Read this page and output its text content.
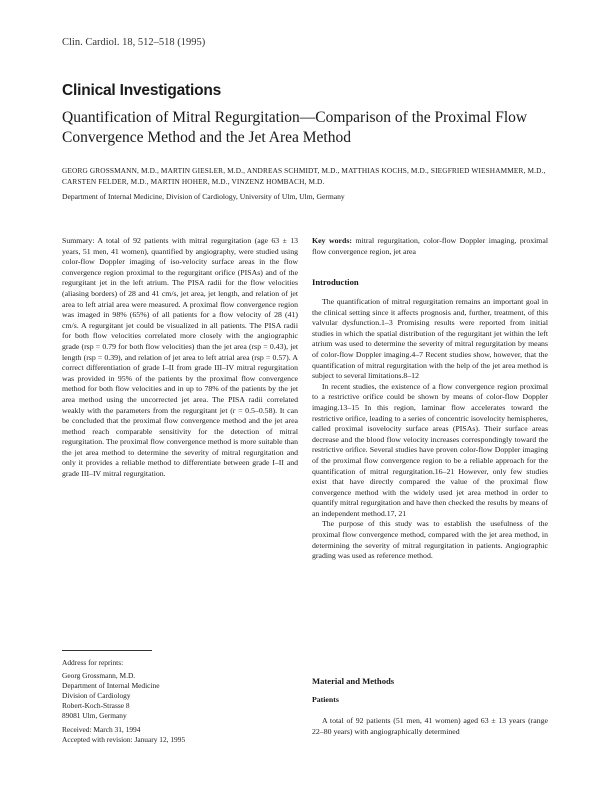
Clin. Cardiol. 18, 512–518 (1995)
Clinical Investigations
Quantification of Mitral Regurgitation—Comparison of the Proximal Flow Convergence Method and the Jet Area Method
GEORG GROSSMANN, M.D., MARTIN GIESLER, M.D., ANDREAS SCHMIDT, M.D., MATTHIAS KOCHS, M.D., SIEGFRIED WIESHAMMER, M.D., CARSTEN FELDER, M.D., MARTIN HOHER, M.D., VINZENZ HOMBACH, M.D.
Department of Internal Medicine, Division of Cardiology, University of Ulm, Ulm, Germany

Summary: A total of 92 patients with mitral regurgitation (age 63 ± 13 years, 51 men, 41 women), quantified by angiography, were studied using color-flow Doppler imaging of iso-velocity surface areas in the flow convergence region proximal to the regurgitant orifice (PISAs) and of the regurgitant jet in the left atrium. The PISA radii for the flow velocities (aliasing borders) of 28 and 41 cm/s, jet area, jet length, and relation of jet area to left atrial area were measured. A proximal flow convergence region was imaged in 98% (65%) of all patients for a flow velocity of 28 (41) cm/s. A regurgitant jet could be visualized in all patients. The PISA radii for both flow velocities correlated more closely with the angiographic grade (rsp = 0.79 for both flow velocities) than the jet area (rsp = 0.43), jet length (rsp = 0.39), and relation of jet area to left atrial area (rsp = 0.57). A correct differentiation of grade I–II from grade III–IV mitral regurgitation was provided in 95% of the patients by the proximal flow convergence method for both flow velocities and in up to 78% of the patients by the jet area method using the uncorrected jet area. The PISA radii correlated weakly with the parameters from the regurgitant jet (r = 0.5–0.58). It can be concluded that the proximal flow convergence method and the jet area method reach comparable sensitivity for the detection of mitral regurgitation. The proximal flow convergence method is more suitable than the jet area method to determine the severity of mitral regurgitation and only it provides a reliable method to differentiate between grade I–II and grade III–IV mitral regurgitation.

Address for reprints:
Georg Grossmann, M.D.
Department of Internal Medicine
Division of Cardiology
Robert-Koch-Strasse 8
89081 Ulm, Germany
Received: March 31, 1994
Accepted with revision: January 12, 1995

Key words: mitral regurgitation, color-flow Doppler imaging, proximal flow convergence region, jet area

Introduction

The quantification of mitral regurgitation remains an important goal in the clinical setting since it affects prognosis and, further, treatment, of this valvular dysfunction.1–3 Promising results were reported from initial studies in which the spatial distribution of the regurgitant jet within the left atrium was used to determine the severity of mitral regurgitation by means of color-flow Doppler imaging.4–7 Recent studies show, however, that the quantification of mitral regurgitation with the help of the jet area method is subject to several limitations.8–12

In recent studies, the existence of a flow convergence region proximal to a restrictive orifice could be shown by means of color-flow Doppler imaging.13–15 In this region, laminar flow accelerates toward the restrictive orifice, leading to a series of concentric isovelocity hemispheres, called proximal isovelocity surface areas (PISAs). Their surface areas decrease and the blood flow velocity increases correspondingly toward the restrictive orifice. Several studies have proven color-flow Doppler imaging of the proximal flow convergence region to be a reliable approach for the quantification of mitral regurgitation.16–21 However, only few studies exist that have directly compared the value of the proximal flow convergence method with the widely used jet area method in order to quantify mitral regurgitation and have then checked the results by means of an independent method.17, 21

The purpose of this study was to establish the usefulness of the proximal flow convergence method, compared with the jet area method, in determining the severity of mitral regurgitation in patients. Angiographic grading was used as reference method.

Material and Methods
Patients

A total of 92 patients (51 men, 41 women) aged 63 ± 13 years (range 22–80 years) with angiographically determined
